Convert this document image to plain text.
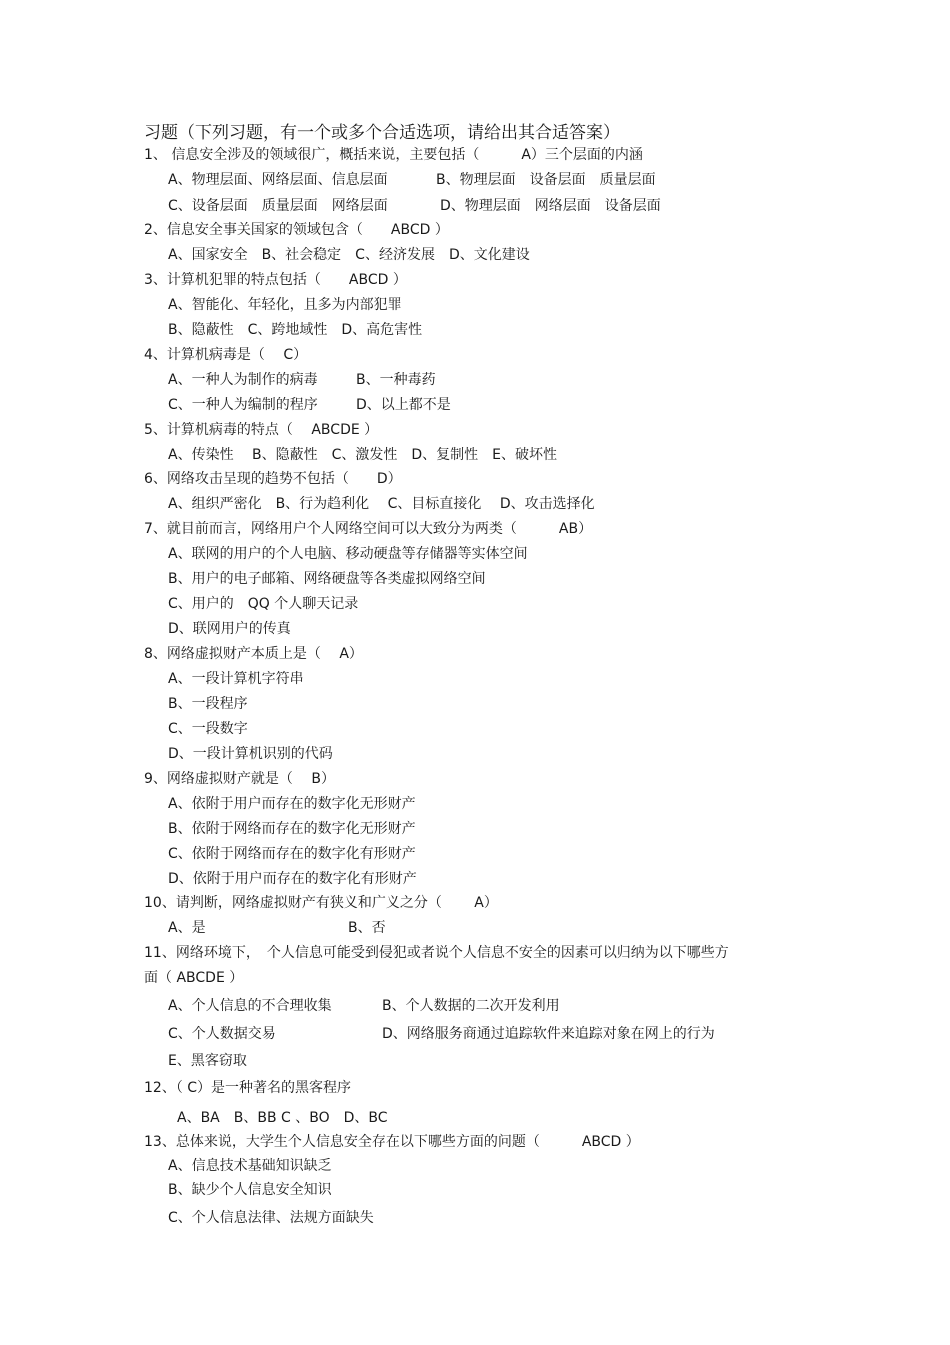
习题（下列习题，有一个或多个合适选项，请给出其合适答案）
1、 信息安全涉及的领域很广，概括来说，主要包括（　　　A）三个层面的内涵
A、物理层面、网络层面、信息层面	B、物理层面　设备层面　质量层面
C、设备层面　质量层面　网络层面	D、物理层面　网络层面　设备层面
2、信息安全事关国家的领域包含（　　ABCD ）
A、国家安全　B、社会稳定　C、经济发展　D、文化建设
3、计算机犯罪的特点包括（　　ABCD ）
A、智能化、年轻化，且多为内部犯罪
B、隐蔽性　C、跨地域性　D、高危害性
4、计算机病毒是（　 C）
A、一种人为制作的病毒	B、一种毒药
C、一种人为编制的程序	D、以上都不是
5、计算机病毒的特点（　 ABCDE ）
A、传染性　 B、隐蔽性　C、激发性　D、复制性　E、破坏性
6、网络攻击呈现的趋势不包括（　　D）
A、组织严密化　B、行为趋利化　 C、目标直接化　 D、攻击选择化
7、就目前而言，网络用户个人网络空间可以大致分为两类（　　　AB）
A、联网的用户的个人电脑、移动硬盘等存储器等实体空间
B、用户的电子邮箱、网络硬盘等各类虚拟网络空间
C、用户的　QQ 个人聊天记录
D、联网用户的传真
8、网络虚拟财产本质上是（　 A）
A、一段计算机字符串
B、一段程序
C、一段数字
D、一段计算机识别的代码
9、网络虚拟财产就是（　 B）
A、依附于用户而存在的数字化无形财产
B、依附于网络而存在的数字化无形财产
C、依附于网络而存在的数字化有形财产
D、依附于用户而存在的数字化有形财产
10、请判断，网络虚拟财产有狭义和广义之分（　　 A）
A、是	B、否
11、网络环境下，　个人信息可能受到侵犯或者说个人信息不安全的因素可以归纳为以下哪些方
面（ ABCDE ）
A、个人信息的不合理收集	B、个人数据的二次开发利用
C、个人数据交易	D、网络服务商通过追踪软件来追踪对象在网上的行为
E、黑客窃取
12、（ C）是一种著名的黑客程序
A、BA　B、BB C 、BO　D、BC
13、总体来说，大学生个人信息安全存在以下哪些方面的问题（　　　ABCD ）
A、信息技术基础知识缺乏
B、缺少个人信息安全知识
C、个人信息法律、法规方面缺失
